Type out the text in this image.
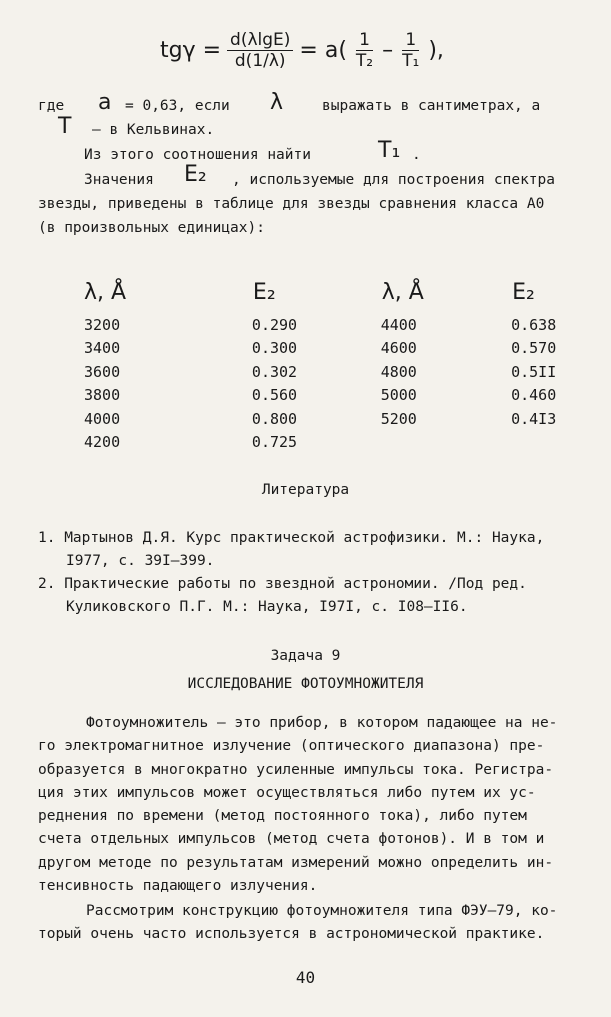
$tg\gamma = \frac{d(\lambda\lg E)}{d(1/\lambda)} = a( \frac{1}{\text{T₂}} - \frac{1}{\text{T₁}}$ ),
где a = 0,63, если λ	выражать в сантиметрах, а
T – в Кельвинах.
Из этого соотношения найти	T₁ .
Значения E₂ , используемые для построения спектра
звезды, приведены в таблице для звезды сравнения класса А0
(в произвольных единицах):
λ, Å	E₂	λ, Å	E₂
3200	0.290	4400	0.638
3400	0.300	4600	0.570
3600	0.302	4800	0.5II
3800	0.560	5000	0.460
4000	0.800	5200	0.4I3
4200	0.725		
Литература
1. Мартынов Д.Я. Курс практической астрофизики. М.: Наука,
I977, с. 39I–399.
2. Практические работы по звездной астрономии. /Под ред.
Куликовского П.Г. М.: Наука, I97I, с. I08–II6.
Задача 9
ИССЛЕДОВАНИЕ ФОТОУМНОЖИТЕЛЯ
Фотоумножитель – это прибор, в котором падающее на не-
го электромагнитное излучение (оптического диапазона) пре-
образуется в многократно усиленные импульсы тока. Регистра-
ция этих импульсов может осуществляться либо путем их ус-
реднения по времени (метод постоянного тока), либо путем
счета отдельных импульсов (метод счета фотонов). И в том и
другом методе по результатам измерений можно определить ин-
тенсивность падающего излучения.
Рассмотрим конструкцию фотоумножителя типа ФЭУ–79, ко-
торый очень часто используется в астрономической практике.
40
